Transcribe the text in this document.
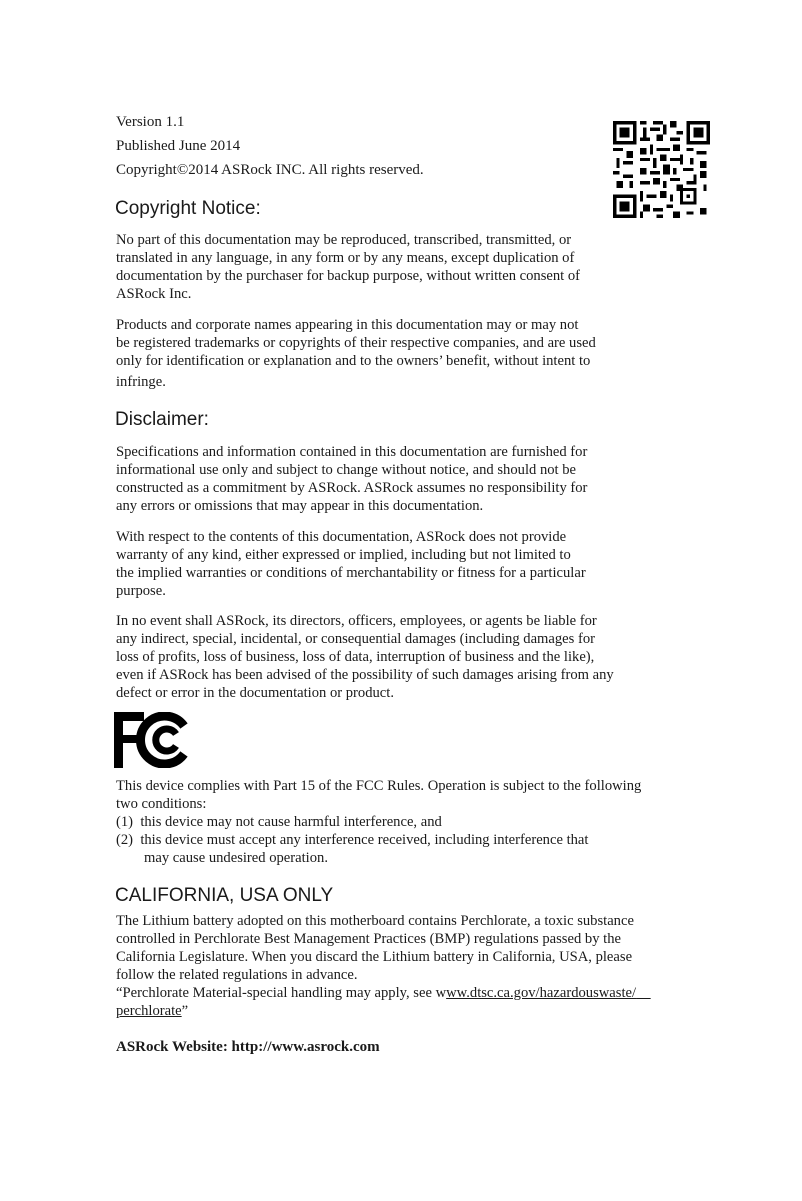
Version 1.1
Published June 2014
Copyright©2014 ASRock INC. All rights reserved.
Copyright Notice:

No part of this documentation may be reproduced, transcribed, transmitted, or
translated in any language, in any form or by any means, except duplication of
documentation by the purchaser for backup purpose, without written consent of
ASRock Inc.

Products and corporate names appearing in this documentation may or may not
be registered trademarks or copyrights of their respective companies, and are used
only for identification or explanation and to the owners’ benefit, without intent to
infringe.

Disclaimer:

Specifications and information contained in this documentation are furnished for
informational use only and subject to change without notice, and should not be
constructed as a commitment by ASRock. ASRock assumes no responsibility for
any errors or omissions that may appear in this documentation.

With respect to the contents of this documentation, ASRock does not provide
warranty of any kind, either expressed or implied, including but not limited to
the implied warranties or conditions of merchantability or fitness for a particular
purpose.

In no event shall ASRock, its directors, officers, employees, or agents be liable for
any indirect, special, incidental, or consequential damages (including damages for
loss of profits, loss of business, loss of data, interruption of business and the like),
even if ASRock has been advised of the possibility of such damages arising from any
defect or error in the documentation or product.

This device complies with Part 15 of the FCC Rules. Operation is subject to the following
two conditions:
(1) this device may not cause harmful interference, and
(2) this device must accept any interference received, including interference that
may cause undesired operation.

CALIFORNIA, USA ONLY

The Lithium battery adopted on this motherboard contains Perchlorate, a toxic substance
controlled in Perchlorate Best Management Practices (BMP) regulations passed by the
California Legislature. When you discard the Lithium battery in California, USA, please
follow the related regulations in advance.
“Perchlorate Material-special handling may apply, see www.dtsc.ca.gov/hazardouswaste/
perchlorate”

ASRock Website: http://www.asrock.com
